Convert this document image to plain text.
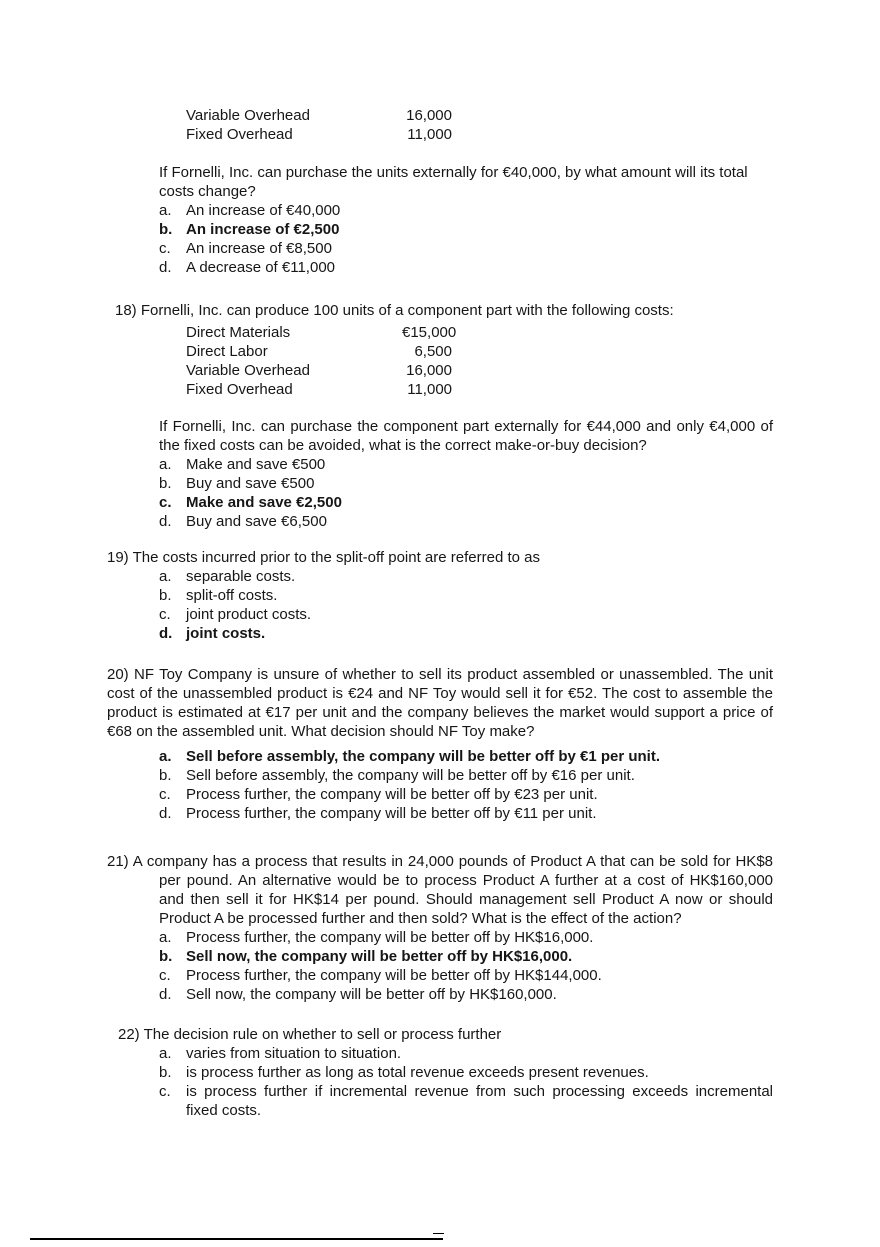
Variable Overhead	16,000
Fixed Overhead	11,000

If Fornelli, Inc. can purchase the units externally for €40,000, by what amount will its total costs change?

a. An increase of €40,000
b. An increase of €2,500
c.	An increase of €8,500
d. A decrease of €11,000

18) Fornelli, Inc. can produce 100 units of a component part with the following costs:

Direct Materials	€15,000
Direct Labor	6,500
Variable Overhead	16,000
Fixed Overhead	11,000

If Fornelli, Inc. can purchase the component part externally for €44,000 and only €4,000 of the fixed costs can be avoided, what is the correct make-or-buy decision?

a. Make and save €500
b. Buy and save €500
c. Make and save €2,500
d. Buy and save €6,500

19) The costs incurred prior to the split-off point are referred to as

a. separable costs.
b. split-off costs.
c.	joint product costs.
d. joint costs.

20) NF Toy Company is unsure of whether to sell its product assembled or unassembled. The unit cost of the unassembled product is €24 and NF Toy would sell it for €52. The cost to assemble the product is estimated at €17 per unit and the company believes the market would support a price of €68 on the assembled unit. What decision should NF Toy make?

a. Sell before assembly, the company will be better off by €1 per unit.
b. Sell before assembly, the company will be better off by €16 per unit.
c.	Process further, the company will be better off by €23 per unit.
d. Process further, the company will be better off by €11 per unit.

21) A company has a process that results in 24,000 pounds of Product A that can be sold for HK$8 per pound. An alternative would be to process Product A further at a cost of HK$160,000 and then sell it for HK$14 per pound. Should management sell Product A now or should Product A be processed further and then sold? What is the effect of the action?

a. Process further, the company will be better off by HK$16,000.
b. Sell now, the company will be better off by HK$16,000.
c.	Process further, the company will be better off by HK$144,000.
d. Sell now, the company will be better off by HK$160,000.

22) The decision rule on whether to sell or process further

a. varies from situation to situation.
b. is process further as long as total revenue exceeds present revenues.
c.	is process further if incremental revenue from such processing exceeds incremental fixed costs.
